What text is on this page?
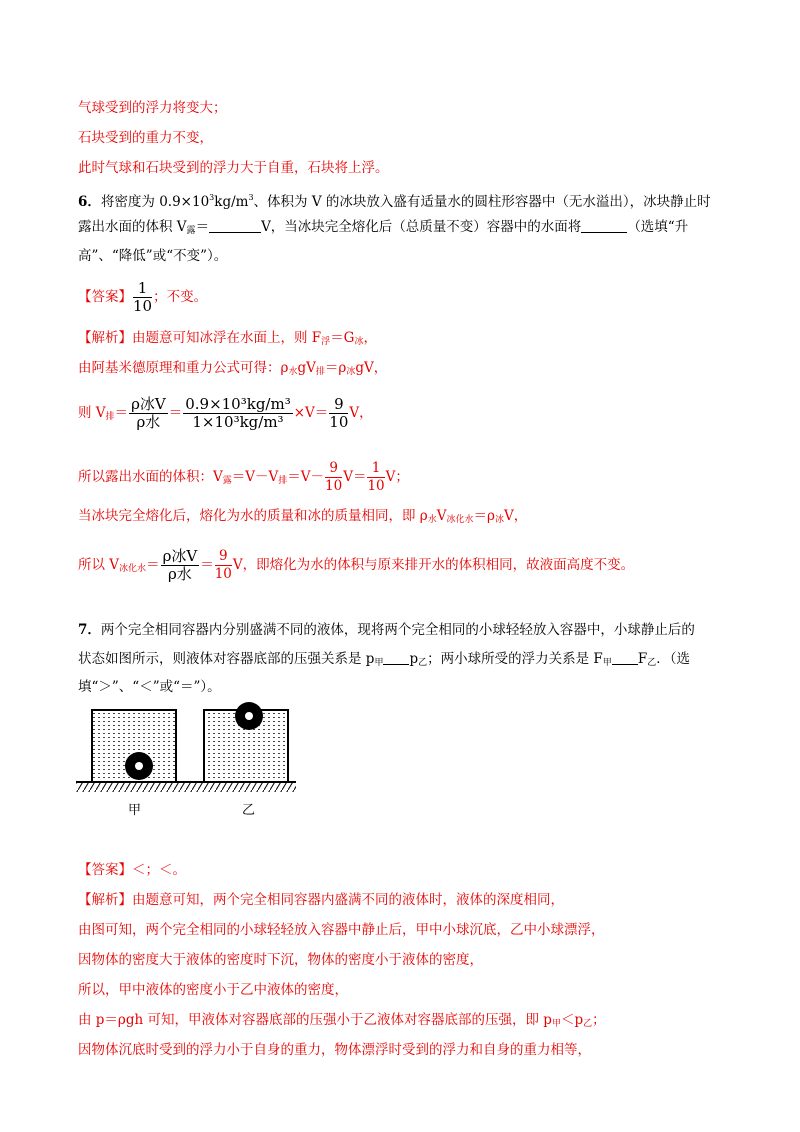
气球受到的浮力将变大；
石块受到的重力不变，
此时气球和石块受到的浮力大于自重，石块将上浮。
6．将密度为 $0.9\times 10^3kg/m^3$、体积为 V 的冰块放入盛有适量水的圆柱形容器中（无水溢出），冰块静止时
露出水面的体积 $V_露=$	V，当冰块完全熔化后（总质量不变）容器中的水面将	（选填“升
高”、“降低”或“不变”）。
【答案】 $\frac{1}{10}$ ；不变。
【解析】由题意可知冰浮在水面上，则 $F_浮=G_冰$，
由阿基米德原理和重力公式可得：$\rho_水gV_排=\rho_冰gV$，
则 $V_排= \frac{\text{ρ冰V}}{\text{ρ水}} = \frac{\text{0.9×10³kg/m³}}{\text{1×10³kg/m³}} \times V= \frac{9}{10}$ V，
所以露出水面的体积：$V_露=V-V_排=V- \frac{9}{10} V= \frac{1}{10}$ V；
当冰块完全熔化后，熔化为水的质量和冰的质量相同，即 $\rho_水V_{冰化水}=\rho_冰V$，
所以 $V_{冰化水}= \frac{\text{ρ冰V}}{\text{ρ水}} = \frac{9}{10}$ V，即熔化为水的体积与原来排开水的体积相同，故液面高度不变。
7．两个完全相同容器内分别盛满不同的液体，现将两个完全相同的小球轻轻放入容器中，小球静止后的
状态如图所示，则液体对容器底部的压强关系是 $p_甲$ $p_乙$；两小球所受的浮力关系是 $F_甲$ $F_乙$．（选
填“＞”、“＜”或“＝”）。
甲	乙
【答案】＜；＜。
【解析】由题意可知，两个完全相同容器内盛满不同的液体时，液体的深度相同，
由图可知，两个完全相同的小球轻轻放入容器中静止后，甲中小球沉底，乙中小球漂浮，
因物体的密度大于液体的密度时下沉，物体的密度小于液体的密度，
所以，甲中液体的密度小于乙中液体的密度，
由 p＝ρgh 可知，甲液体对容器底部的压强小于乙液体对容器底部的压强，即 $p_甲<p_乙$；
因物体沉底时受到的浮力小于自身的重力，物体漂浮时受到的浮力和自身的重力相等，
